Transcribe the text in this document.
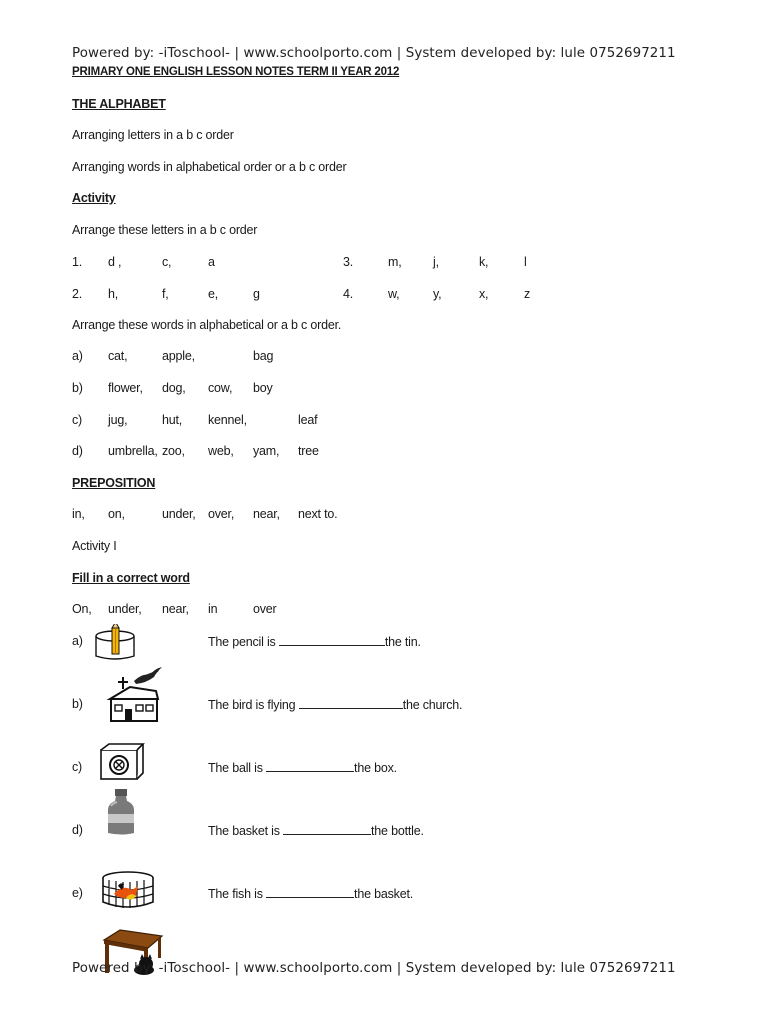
Powered by: -iToschool- | www.schoolporto.com | System developed by: lule 0752697211
PRIMARY ONE ENGLISH LESSON NOTES TERM II YEAR 2012
THE ALPHABET
Arranging letters in a b c order
Arranging words in alphabetical order or a b c order
Activity
Arrange these letters in a b c order
1. d ,	c,	a	3.	m,	j,	k,	l
2. h,	f,	e,	g	4.	w,	y,	x,	z
Arrange these words in alphabetical or a b c order.
a) cat,	apple,	bag
b) flower, dog, cow, boy
c) jug,	hut, kennel,	leaf
d) umbrella, zoo, web, yam, tree
PREPOSITION
in, on,	under, over, near, next to.
Activity I
Fill in a correct word
On, under, near, in	over
a)	The pencil is	the tin.
b)	The bird is flying	the church.
c)	The ball is	the box.
d)	The basket is	the bottle.
e)	The fish is	the basket.
Powered by: -iToschool- | www.schoolporto.com | System developed by: lule 0752697211
